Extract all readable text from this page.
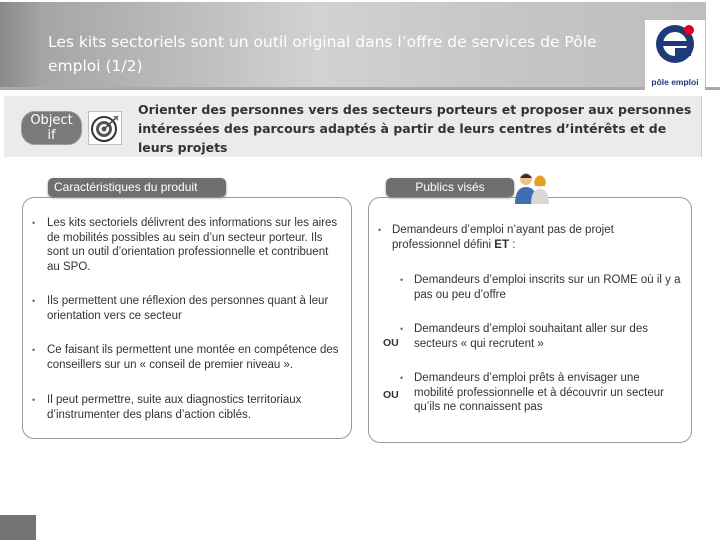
Les kits sectoriels sont un outil original dans l’offre de services de Pôle emploi (1/2)
pôle emploi
Objectif
Orienter des personnes vers des secteurs porteurs et proposer aux personnes intéressées des parcours adaptés à partir de leurs centres d’intérêts et de leurs projets
Caractéristiques du produit
• Les kits sectoriels délivrent des informations sur les aires de mobilités possibles au sein d’un secteur porteur. Ils sont un outil d’orientation professionnelle et contribuent au SPO.
• Ils permettent une réflexion des personnes quant à leur orientation vers ce secteur
• Ce faisant ils permettent une montée en compétence des conseillers sur un « conseil de premier niveau ».
• Il peut permettre, suite aux diagnostics territoriaux d’instrumenter des plans d’action ciblés.
Publics visés
• Demandeurs d’emploi n’ayant pas de projet professionnel défini ET :
• Demandeurs d’emploi inscrits sur un ROME où il y a pas ou peu d’offre
• Demandeurs d’emploi souhaitant aller sur des secteurs « qui recrutent »
• Demandeurs d’emploi prêts à envisager une mobilité professionnelle et à découvrir un secteur qu’ils ne connaissent pas
OU
OU
